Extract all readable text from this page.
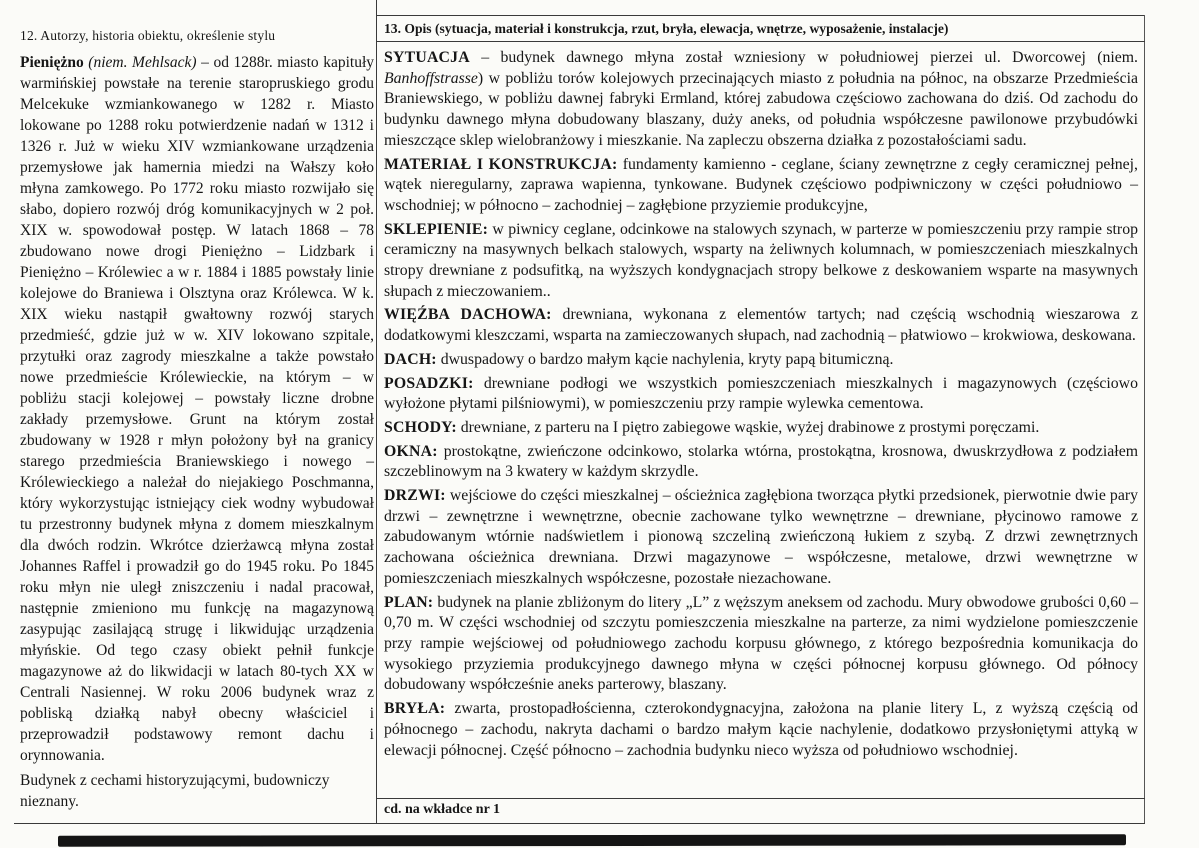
12. Autorzy, historia obiektu, określenie stylu

Pieniężno (niem. Mehlsack) – od 1288r. miasto kapituły warmińskiej powstałe na terenie staropruskiego grodu Melcekuke wzmiankowanego w 1282 r. Miasto lokowane po 1288 roku potwierdzenie nadań w 1312 i 1326 r. Już w wieku XIV wzmiankowane urządzenia przemysłowe jak hamernia miedzi na Wałszy koło młyna zamkowego. Po 1772 roku miasto rozwijało się słabo, dopiero rozwój dróg komunikacyjnych w 2 poł. XIX w. spowodował postęp. W latach 1868 – 78 zbudowano nowe drogi Pieniężno – Lidzbark i Pieniężno – Królewiec a w r. 1884 i 1885 powstały linie kolejowe do Braniewa i Olsztyna oraz Królewca. W k. XIX wieku nastąpił gwałtowny rozwój starych przedmieść, gdzie już w w. XIV lokowano szpitale, przytułki oraz zagrody mieszkalne a także powstało nowe przedmieście Królewieckie, na którym – w pobliżu stacji kolejowej – powstały liczne drobne zakłady przemysłowe. Grunt na którym został zbudowany w 1928 r młyn położony był na granicy starego przedmieścia Braniewskiego i nowego – Królewieckiego a należał do niejakiego Poschmanna, który wykorzystując istniejący ciek wodny wybudował tu przestronny budynek młyna z domem mieszkalnym dla dwóch rodzin. Wkrótce dzierżawcą młyna został Johannes Raffel i prowadził go do 1945 roku. Po 1845 roku młyn nie uległ zniszczeniu i nadal pracował, następnie zmieniono mu funkcję na magazynową zasypując zasilającą strugę i likwidując urządzenia młyńskie. Od tego czasy obiekt pełnił funkcje magazynowe aż do likwidacji w latach 80-tych XX w Centrali Nasiennej. W roku 2006 budynek wraz z pobliską działką nabył obecny właściciel i przeprowadził podstawowy remont dachu i orynnowania.

Budynek z cechami historyzującymi, budowniczy nieznany.

13. Opis (sytuacja, materiał i konstrukcja, rzut, bryła, elewacja, wnętrze, wyposażenie, instalacje)

SYTUACJA – budynek dawnego młyna został wzniesiony w południowej pierzei ul. Dworcowej (niem. Banhoffstrasse) w pobliżu torów kolejowych przecinających miasto z południa na północ, na obszarze Przedmieścia Braniewskiego, w pobliżu dawnej fabryki Ermland, której zabudowa częściowo zachowana do dziś. Od zachodu do budynku dawnego młyna dobudowany blaszany, duży aneks, od południa współczesne pawilonowe przybudówki mieszczące sklep wielobranżowy i mieszkanie. Na zapleczu obszerna działka z pozostałościami sadu.

MATERIAŁ I KONSTRUKCJA: fundamenty kamienno - ceglane, ściany zewnętrzne z cegły ceramicznej pełnej, wątek nieregularny, zaprawa wapienna, tynkowane. Budynek częściowo podpiwniczony w części południowo – wschodniej; w północno – zachodniej – zagłębione przyziemie produkcyjne,

SKLEPIENIE: w piwnicy ceglane, odcinkowe na stalowych szynach, w parterze w pomieszczeniu przy rampie strop ceramiczny na masywnych belkach stalowych, wsparty na żeliwnych kolumnach, w pomieszczeniach mieszkalnych stropy drewniane z podsufitką, na wyższych kondygnacjach stropy belkowe z deskowaniem wsparte na masywnych słupach z mieczowaniem..

WIĘŹBA DACHOWA: drewniana, wykonana z elementów tartych; nad częścią wschodnią wieszarowa z dodatkowymi kleszczami, wsparta na zamieczowanych słupach, nad zachodnią – płatwiowo – krokwiowa, deskowana.

DACH: dwuspadowy o bardzo małym kącie nachylenia, kryty papą bitumiczną.

POSADZKI: drewniane podłogi we wszystkich pomieszczeniach mieszkalnych i magazynowych (częściowo wyłożone płytami pilśniowymi), w pomieszczeniu przy rampie wylewka cementowa.

SCHODY: drewniane, z parteru na I piętro zabiegowe wąskie, wyżej drabinowe z prostymi poręczami.

OKNA: prostokątne, zwieńczone odcinkowo, stolarka wtórna, prostokątna, krosnowa, dwuskrzydłowa z podziałem szczeblinowym na 3 kwatery w każdym skrzydle.

DRZWI: wejściowe do części mieszkalnej – ościeżnica zagłębiona tworząca płytki przedsionek, pierwotnie dwie pary drzwi – zewnętrzne i wewnętrzne, obecnie zachowane tylko wewnętrzne – drewniane, płycinowo ramowe z zabudowanym wtórnie nadświetlem i pionową szczeliną zwieńczoną łukiem z szybą. Z drzwi zewnętrznych zachowana ościeżnica drewniana. Drzwi magazynowe – współczesne, metalowe, drzwi wewnętrzne w pomieszczeniach mieszkalnych współczesne, pozostałe niezachowane.

PLAN: budynek na planie zbliżonym do litery „L” z węższym aneksem od zachodu. Mury obwodowe grubości 0,60 – 0,70 m. W części wschodniej od szczytu pomieszczenia mieszkalne na parterze, za nimi wydzielone pomieszczenie przy rampie wejściowej od południowego zachodu korpusu głównego, z którego bezpośrednia komunikacja do wysokiego przyziemia produkcyjnego dawnego młyna w części północnej korpusu głównego. Od północy dobudowany współcześnie aneks parterowy, blaszany.

BRYŁA: zwarta, prostopadłościenna, czterokondygnacyjna, założona na planie litery L, z wyższą częścią od północnego – zachodu, nakryta dachami o bardzo małym kącie nachylenie, dodatkowo przysłoniętymi attyką w elewacji północnej. Część północno – zachodnia budynku nieco wyższa od południowo wschodniej.

cd. na wkładce nr 1
